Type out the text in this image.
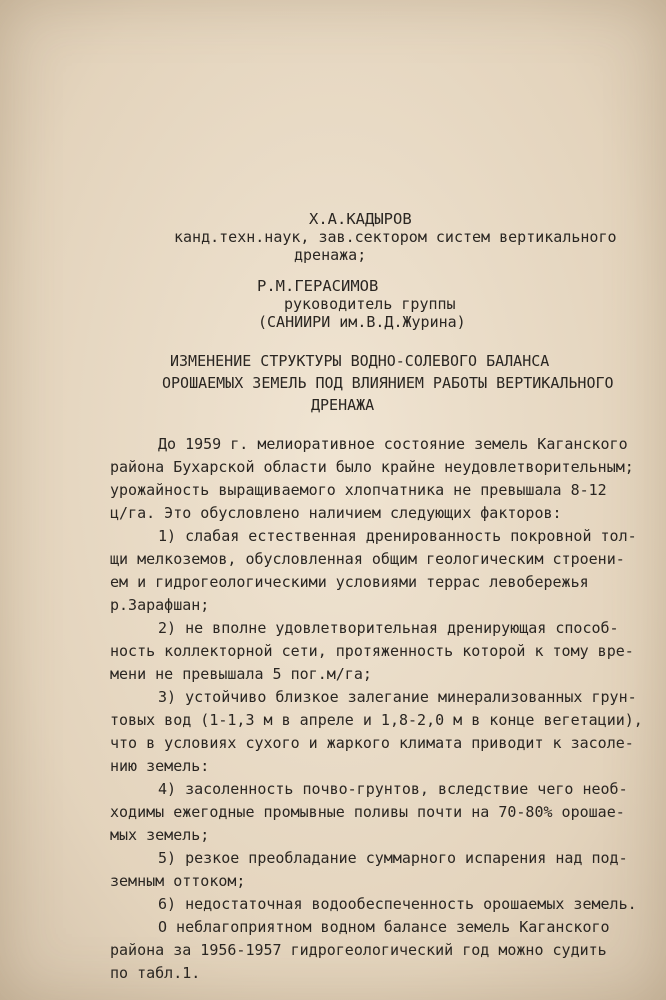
Х.А.КАДЫРОВ
канд.техн.наук, зав.сектором систем вертикального
дренажа;
Р.М.ГЕРАСИМОВ
руководитель группы
(САНИИРИ им.В.Д.Журина)
ИЗМЕНЕНИЕ СТРУКТУРЫ ВОДНО-СОЛЕВОГО БАЛАНСА
ОРОШАЕМЫХ ЗЕМЕЛЬ ПОД ВЛИЯНИЕМ РАБОТЫ ВЕРТИКАЛЬНОГО
ДРЕНАЖА
До 1959 г. мелиоративное состояние земель Каганского
района Бухарской области было крайне неудовлетворительным;
урожайность выращиваемого хлопчатника не превышала 8-12
ц/га. Это обусловлено наличием следующих факторов:
1) слабая естественная дренированность покровной тол-
щи мелкоземов, обусловленная общим геологическим строени-
ем и гидрогеологическими условиями террас левобережья
р.Зарафшан;
2) не вполне удовлетворительная дренирующая способ-
ность коллекторной сети, протяженность которой к тому вре-
мени не превышала 5 пог.м/га;
3) устойчиво близкое залегание минерализованных грун-
товых вод (1-1,3 м в апреле и 1,8-2,0 м в конце вегетации),
что в условиях сухого и жаркого климата приводит к засоле-
нию земель:
4) засоленность почво-грунтов, вследствие чего необ-
ходимы ежегодные промывные поливы почти на 70-80% орошае-
мых земель;
5) резкое преобладание суммарного испарения над под-
земным оттоком;
6) недостаточная водообеспеченность орошаемых земель.
О неблагоприятном водном балансе земель Каганского
района за 1956-1957 гидрогеологический год можно судить
по табл.1.
